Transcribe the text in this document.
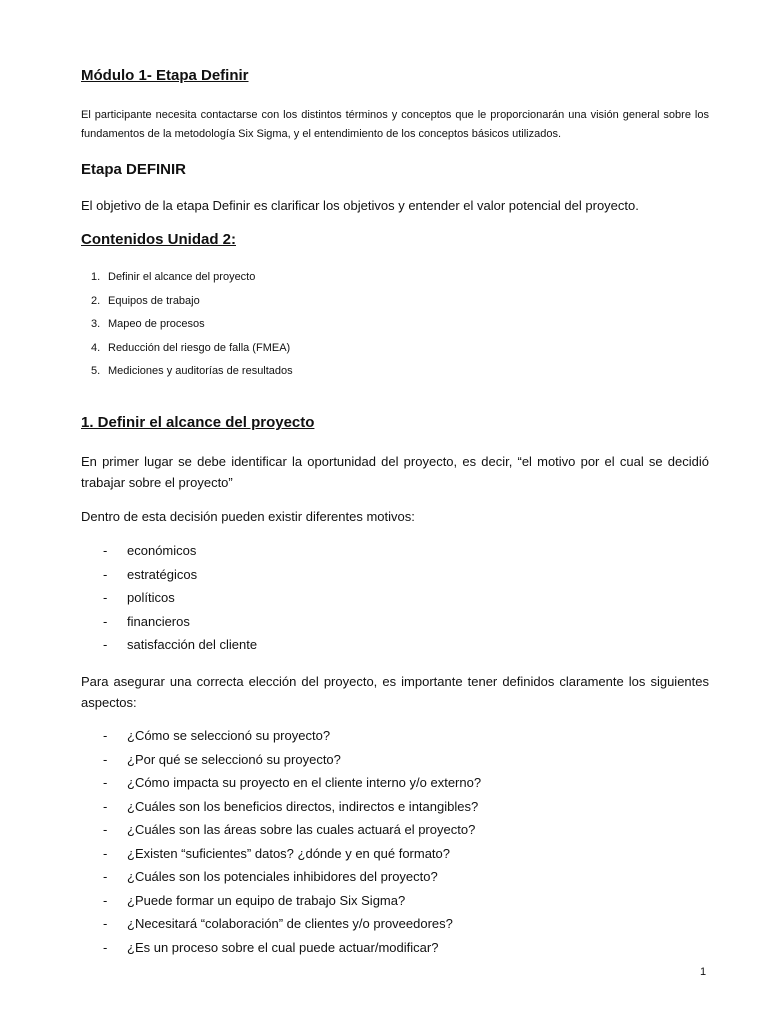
Módulo 1- Etapa Definir

El participante necesita contactarse con los distintos términos y conceptos que le proporcionarán una visión general sobre los fundamentos de la metodología Six Sigma, y el entendimiento de los conceptos básicos utilizados.

Etapa DEFINIR

El objetivo de la etapa Definir es clarificar los objetivos y entender el valor potencial del proyecto.

Contenidos Unidad 2:
1. Definir el alcance del proyecto
2. Equipos de trabajo
3. Mapeo de procesos
4. Reducción del riesgo de falla (FMEA)
5. Mediciones y auditorías de resultados
1. Definir el alcance del proyecto

En primer lugar se debe identificar la oportunidad del proyecto, es decir, “el motivo por el cual se decidió trabajar sobre el proyecto”

Dentro de esta decisión pueden existir diferentes motivos:

-	económicos
-	estratégicos
-	políticos
-	financieros
-	satisfacción del cliente

Para asegurar una correcta elección del proyecto, es importante tener definidos claramente los siguientes aspectos:

-	¿Cómo se seleccionó su proyecto?
-	¿Por qué se seleccionó su proyecto?
-	¿Cómo impacta su proyecto en el cliente interno y/o externo?
-	¿Cuáles son los beneficios directos, indirectos e intangibles?
-	¿Cuáles son las áreas sobre las cuales actuará el proyecto?
-	¿Existen “suficientes” datos? ¿dónde y en qué formato?
-	¿Cuáles son los potenciales inhibidores del proyecto?
-	¿Puede formar un equipo de trabajo Six Sigma?
-	¿Necesitará “colaboración” de clientes y/o proveedores?
-	¿Es un proceso sobre el cual puede actuar/modificar?
1
